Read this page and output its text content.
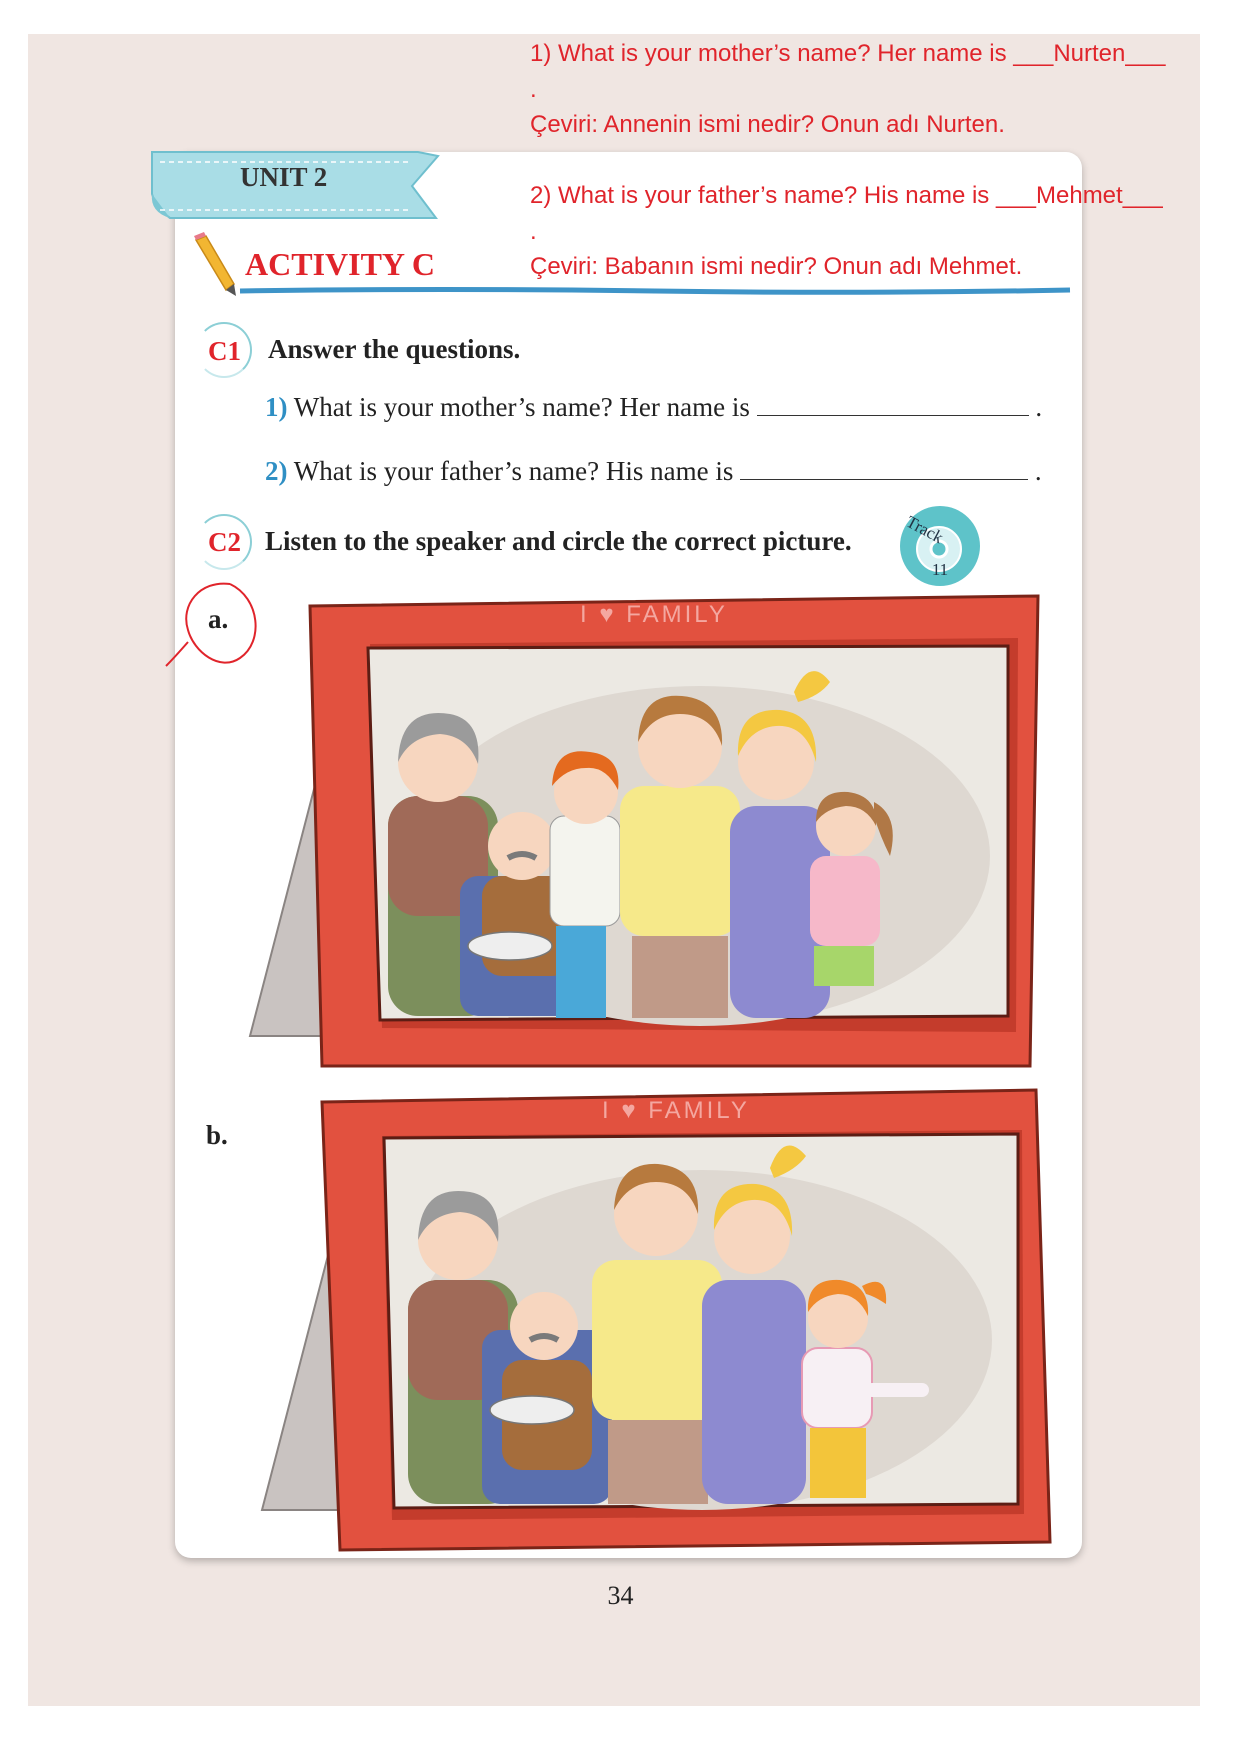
1) What is your mother’s name? Her name is ___Nurten___
.
Çeviri: Annenin ismi nedir? Onun adı Nurten.
2) What is your father’s name? His name is ___Mehmet___
.
Çeviri: Babanın ismi nedir? Onun adı Mehmet.
UNIT 2
ACTIVITY C
C1 Answer the questions.
1) What is your mother’s name? Her name is	.
2) What is your father’s name? His name is	.
C2 Listen to the speaker and circle the correct picture.	Track
11
a.	I ♥ FAMILY
b.
I ♥ FAMILY
34
